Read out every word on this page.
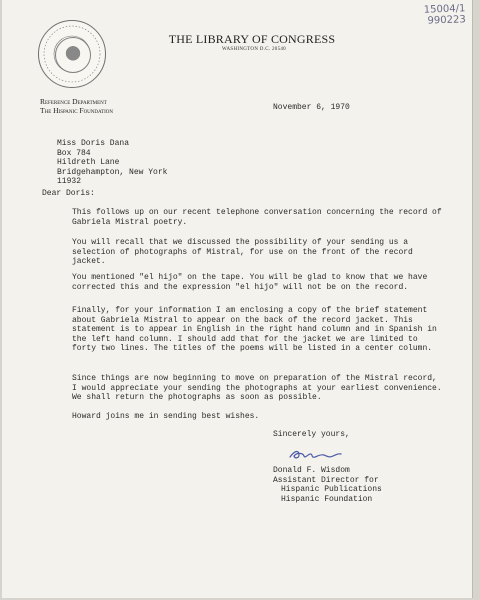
15004/1
990223
THE LIBRARY OF CONGRESS
WASHINGTON D.C. 20540
Reference Department
The Hispanic Foundation	November 6, 1970
Miss Doris Dana
Box 784
Hildreth Lane
Bridgehampton, New York
11932
Dear Doris:
This follows up on our recent telephone conversation concerning the record of Gabriela Mistral poetry.
You will recall that we discussed the possibility of your sending us a selection of photographs of Mistral, for use on the front of the record jacket.
You mentioned "el hijo" on the tape. You will be glad to know that we have corrected this and the expression "el hijo" will not be on the record.
Finally, for your information I am enclosing a copy of the brief statement about Gabriela Mistral to appear on the back of the record jacket. This statement is to appear in English in the right hand column and in Spanish in the left hand column. I should add that for the jacket we are limited to forty two lines. The titles of the poems will be listed in a center column.
Since things are now beginning to move on preparation of the Mistral record, I would appreciate your sending the photographs at your earliest convenience. We shall return the photographs as soon as possible.
Howard joins me in sending best wishes.
Sincerely yours,
Donald F. Wisdom
Assistant Director for
Hispanic Publications
Hispanic Foundation
